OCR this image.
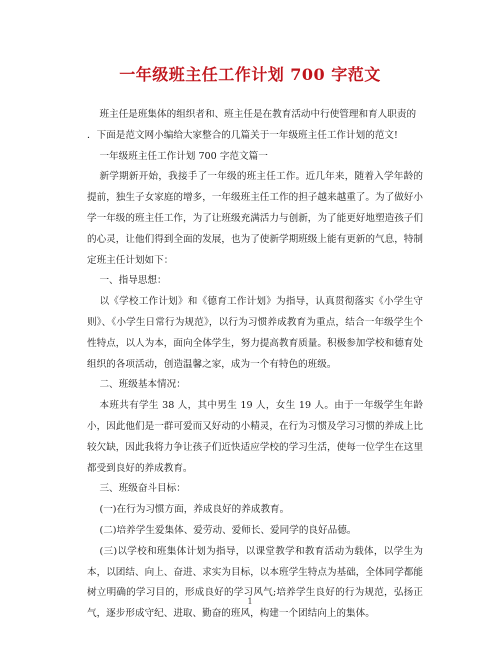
一年级班主任工作计划 700 字范文

班主任是班集体的组织者和、班主任是在教育活动中行使管理和育人职责的

．下面是范文网小编给大家整合的几篇关于一年级班主任工作计划的范文!

一年级班主任工作计划 700 字范文篇一

新学期新开始，我接手了一年级的班主任工作。近几年来，随着入学年龄的提前，独生子女家庭的增多，一年级班主任工作的担子越来越重了。为了做好小学一年级的班主任工作，为了让班级充满活力与创新，为了能更好地塑造孩子们的心灵，让他们得到全面的发展，也为了使新学期班级上能有更新的气息，特制定班主任计划如下：

一、指导思想：

以《学校工作计划》和《德育工作计划》为指导，认真贯彻落实《小学生守则》、《小学生日常行为规范》，以行为习惯养成教育为重点，结合一年级学生个性特点，以人为本，面向全体学生，努力提高教育质量。积极参加学校和德育处组织的各项活动，创造温馨之家，成为一个有特色的班级。

二、班级基本情况：

本班共有学生 38 人，其中男生 19 人，女生 19 人。由于一年级学生年龄小，因此他们是一群可爱而又好动的小精灵，在行为习惯及学习习惯的养成上比较欠缺，因此我将力争让孩子们近快适应学校的学习生活，使每一位学生在这里都受到良好的养成教育。

三、班级奋斗目标：

(一)在行为习惯方面，养成良好的养成教育。

(二)培养学生爱集体、爱劳动、爱师长、爱同学的良好品德。

(三)以学校和班集体计划为指导，以课堂教学和教育活动为载体，以学生为本，以团结、向上、奋进、求实为目标，以本班学生特点为基础，全体同学都能树立明确的学习目的，形成良好的学习风气;培养学生良好的行为规范，弘扬正气，逐步形成守纪、进取、勤奋的班风，构建一个团结向上的集体。

1
